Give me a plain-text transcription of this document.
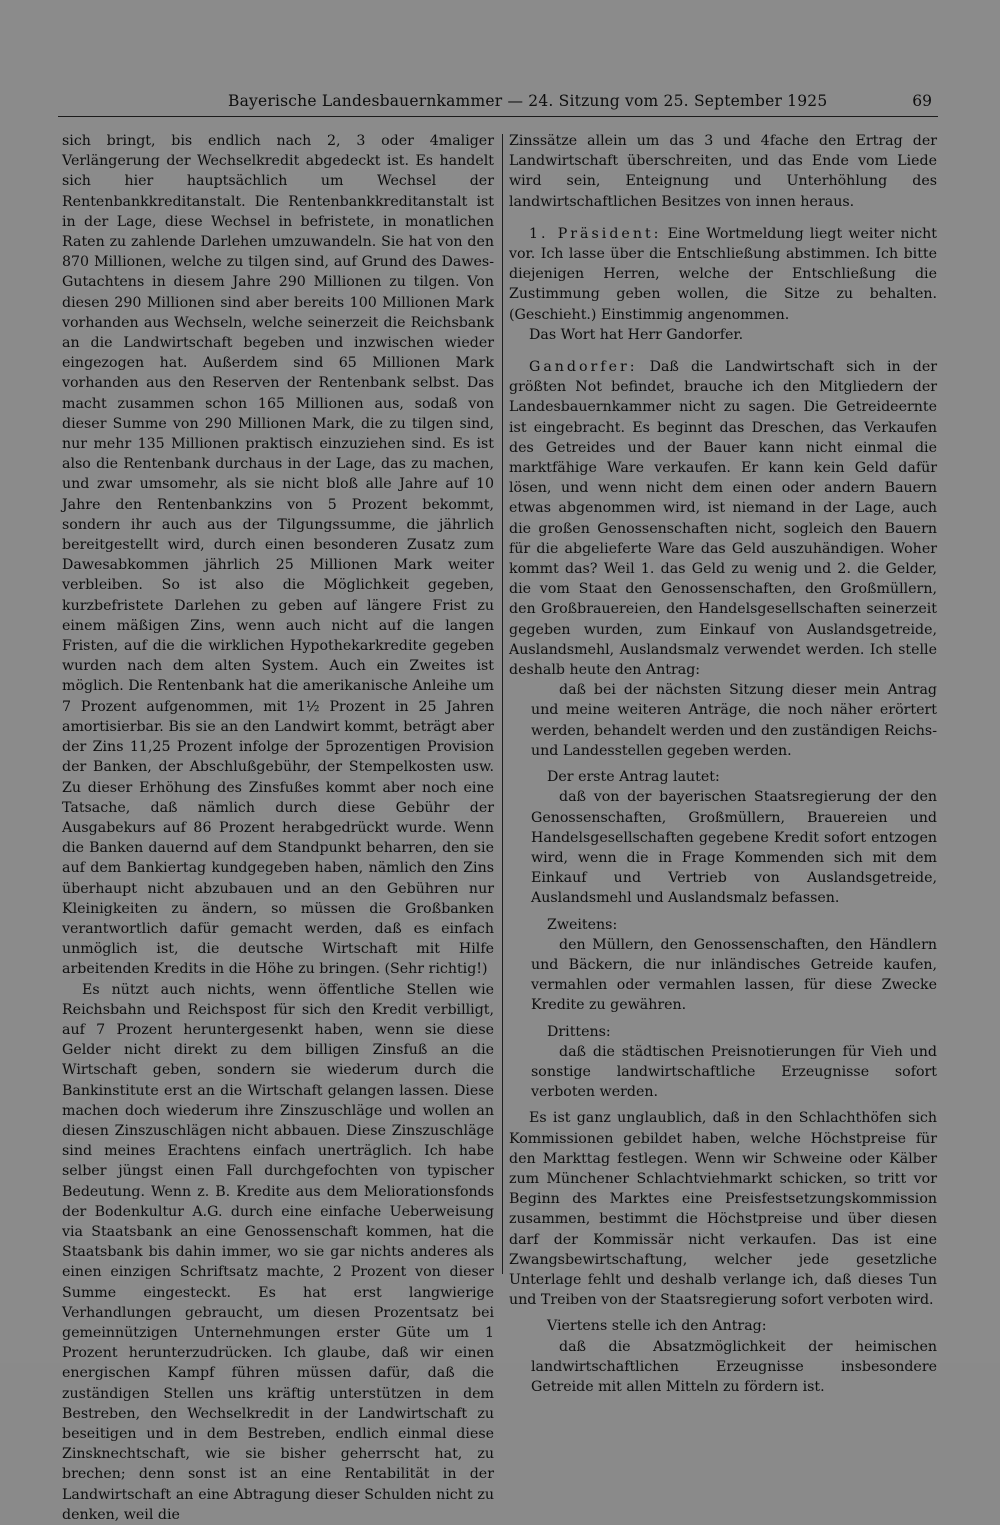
Bayerische Landesbauernkammer — 24. Sitzung vom 25. September 1925	69

sich bringt, bis endlich nach 2, 3 oder 4maliger Verlängerung der Wechselkredit abgedeckt ist. Es handelt sich hier hauptsächlich um Wechsel der Rentenbankkreditanstalt. Die Rentenbankkreditanstalt ist in der Lage, diese Wechsel in befristete, in monatlichen Raten zu zahlende Darlehen umzuwandeln. Sie hat von den 870 Millionen, welche zu tilgen sind, auf Grund des Dawes-Gutachtens in diesem Jahre 290 Millionen zu tilgen. Von diesen 290 Millionen sind aber bereits 100 Millionen Mark vorhanden aus Wechseln, welche seinerzeit die Reichsbank an die Landwirtschaft begeben und inzwischen wieder eingezogen hat. Außerdem sind 65 Millionen Mark vorhanden aus den Reserven der Rentenbank selbst. Das macht zusammen schon 165 Millionen aus, sodaß von dieser Summe von 290 Millionen Mark, die zu tilgen sind, nur mehr 135 Millionen praktisch einzuziehen sind. Es ist also die Rentenbank durchaus in der Lage, das zu machen, und zwar umsomehr, als sie nicht bloß alle Jahre auf 10 Jahre den Rentenbankzins von 5 Prozent bekommt, sondern ihr auch aus der Tilgungssumme, die jährlich bereitgestellt wird, durch einen besonderen Zusatz zum Dawesabkommen jährlich 25 Millionen Mark weiter verbleiben. So ist also die Möglichkeit gegeben, kurzbefristete Darlehen zu geben auf längere Frist zu einem mäßigen Zins, wenn auch nicht auf die langen Fristen, auf die die wirklichen Hypothekarkredite gegeben wurden nach dem alten System. Auch ein Zweites ist möglich. Die Rentenbank hat die amerikanische Anleihe um 7 Prozent aufgenommen, mit 1½ Prozent in 25 Jahren amortisierbar. Bis sie an den Landwirt kommt, beträgt aber der Zins 11,25 Prozent infolge der 5prozentigen Provision der Banken, der Abschlußgebühr, der Stempelkosten usw. Zu dieser Erhöhung des Zinsfußes kommt aber noch eine Tatsache, daß nämlich durch diese Gebühr der Ausgabekurs auf 86 Prozent herabgedrückt wurde. Wenn die Banken dauernd auf dem Standpunkt beharren, den sie auf dem Bankiertag kundgegeben haben, nämlich den Zins überhaupt nicht abzubauen und an den Gebühren nur Kleinigkeiten zu ändern, so müssen die Großbanken verantwortlich dafür gemacht werden, daß es einfach unmöglich ist, die deutsche Wirtschaft mit Hilfe arbeitenden Kredits in die Höhe zu bringen. (Sehr richtig!)

Es nützt auch nichts, wenn öffentliche Stellen wie Reichsbahn und Reichspost für sich den Kredit verbilligt, auf 7 Prozent heruntergesenkt haben, wenn sie diese Gelder nicht direkt zu dem billigen Zinsfuß an die Wirtschaft geben, sondern sie wiederum durch die Bankinstitute erst an die Wirtschaft gelangen lassen. Diese machen doch wiederum ihre Zinszuschläge und wollen an diesen Zinszuschlägen nicht abbauen. Diese Zinszuschläge sind meines Erachtens einfach unerträglich. Ich habe selber jüngst einen Fall durchgefochten von typischer Bedeutung. Wenn z. B. Kredite aus dem Meliorationsfonds der Bodenkultur A.G. durch eine einfache Ueberweisung via Staatsbank an eine Genossenschaft kommen, hat die Staatsbank bis dahin immer, wo sie gar nichts anderes als einen einzigen Schriftsatz machte, 2 Prozent von dieser Summe eingesteckt. Es hat erst langwierige Verhandlungen gebraucht, um diesen Prozentsatz bei gemeinnützigen Unternehmungen erster Güte um 1 Prozent herunterzudrücken. Ich glaube, daß wir einen energischen Kampf führen müssen dafür, daß die zuständigen Stellen uns kräftig unterstützen in dem Bestreben, den Wechselkredit in der Landwirtschaft zu beseitigen und in dem Bestreben, endlich einmal diese Zinsknechtschaft, wie sie bisher geherrscht hat, zu brechen; denn sonst ist an eine Rentabilität in der Landwirtschaft an eine Abtragung dieser Schulden nicht zu denken, weil die

Zinssätze allein um das 3 und 4fache den Ertrag der Landwirtschaft überschreiten, und das Ende vom Liede wird sein, Enteignung und Unterhöhlung des landwirtschaftlichen Besitzes von innen heraus.

1. Präsident: Eine Wortmeldung liegt weiter nicht vor. Ich lasse über die Entschließung abstimmen. Ich bitte diejenigen Herren, welche der Entschließung die Zustimmung geben wollen, die Sitze zu behalten. (Geschieht.) Einstimmig angenommen.

Das Wort hat Herr Gandorfer.

Gandorfer: Daß die Landwirtschaft sich in der größten Not befindet, brauche ich den Mitgliedern der Landesbauernkammer nicht zu sagen. Die Getreideernte ist eingebracht. Es beginnt das Dreschen, das Verkaufen des Getreides und der Bauer kann nicht einmal die marktfähige Ware verkaufen. Er kann kein Geld dafür lösen, und wenn nicht dem einen oder andern Bauern etwas abgenommen wird, ist niemand in der Lage, auch die großen Genossenschaften nicht, sogleich den Bauern für die abgelieferte Ware das Geld auszuhändigen. Woher kommt das? Weil 1. das Geld zu wenig und 2. die Gelder, die vom Staat den Genossenschaften, den Großmüllern, den Großbrauereien, den Handelsgesellschaften seinerzeit gegeben wurden, zum Einkauf von Auslandsgetreide, Auslandsmehl, Auslandsmalz verwendet werden. Ich stelle deshalb heute den Antrag:

daß bei der nächsten Sitzung dieser mein Antrag und meine weiteren Anträge, die noch näher erörtert werden, behandelt werden und den zuständigen Reichs- und Landesstellen gegeben werden.

Der erste Antrag lautet:

daß von der bayerischen Staatsregierung der den Genossenschaften, Großmüllern, Brauereien und Handelsgesellschaften gegebene Kredit sofort entzogen wird, wenn die in Frage Kommenden sich mit dem Einkauf und Vertrieb von Auslandsgetreide, Auslandsmehl und Auslandsmalz befassen.

Zweitens:

den Müllern, den Genossenschaften, den Händlern und Bäckern, die nur inländisches Getreide kaufen, vermahlen oder vermahlen lassen, für diese Zwecke Kredite zu gewähren.

Drittens:

daß die städtischen Preisnotierungen für Vieh und sonstige landwirtschaftliche Erzeugnisse sofort verboten werden.

Es ist ganz unglaublich, daß in den Schlachthöfen sich Kommissionen gebildet haben, welche Höchstpreise für den Markttag festlegen. Wenn wir Schweine oder Kälber zum Münchener Schlachtviehmarkt schicken, so tritt vor Beginn des Marktes eine Preisfestsetzungskommission zusammen, bestimmt die Höchstpreise und über diesen darf der Kommissär nicht verkaufen. Das ist eine Zwangsbewirtschaftung, welcher jede gesetzliche Unterlage fehlt und deshalb verlange ich, daß dieses Tun und Treiben von der Staatsregierung sofort verboten wird.

Viertens stelle ich den Antrag:

daß die Absatzmöglichkeit der heimischen landwirtschaftlichen Erzeugnisse insbesondere Getreide mit allen Mitteln zu fördern ist.
